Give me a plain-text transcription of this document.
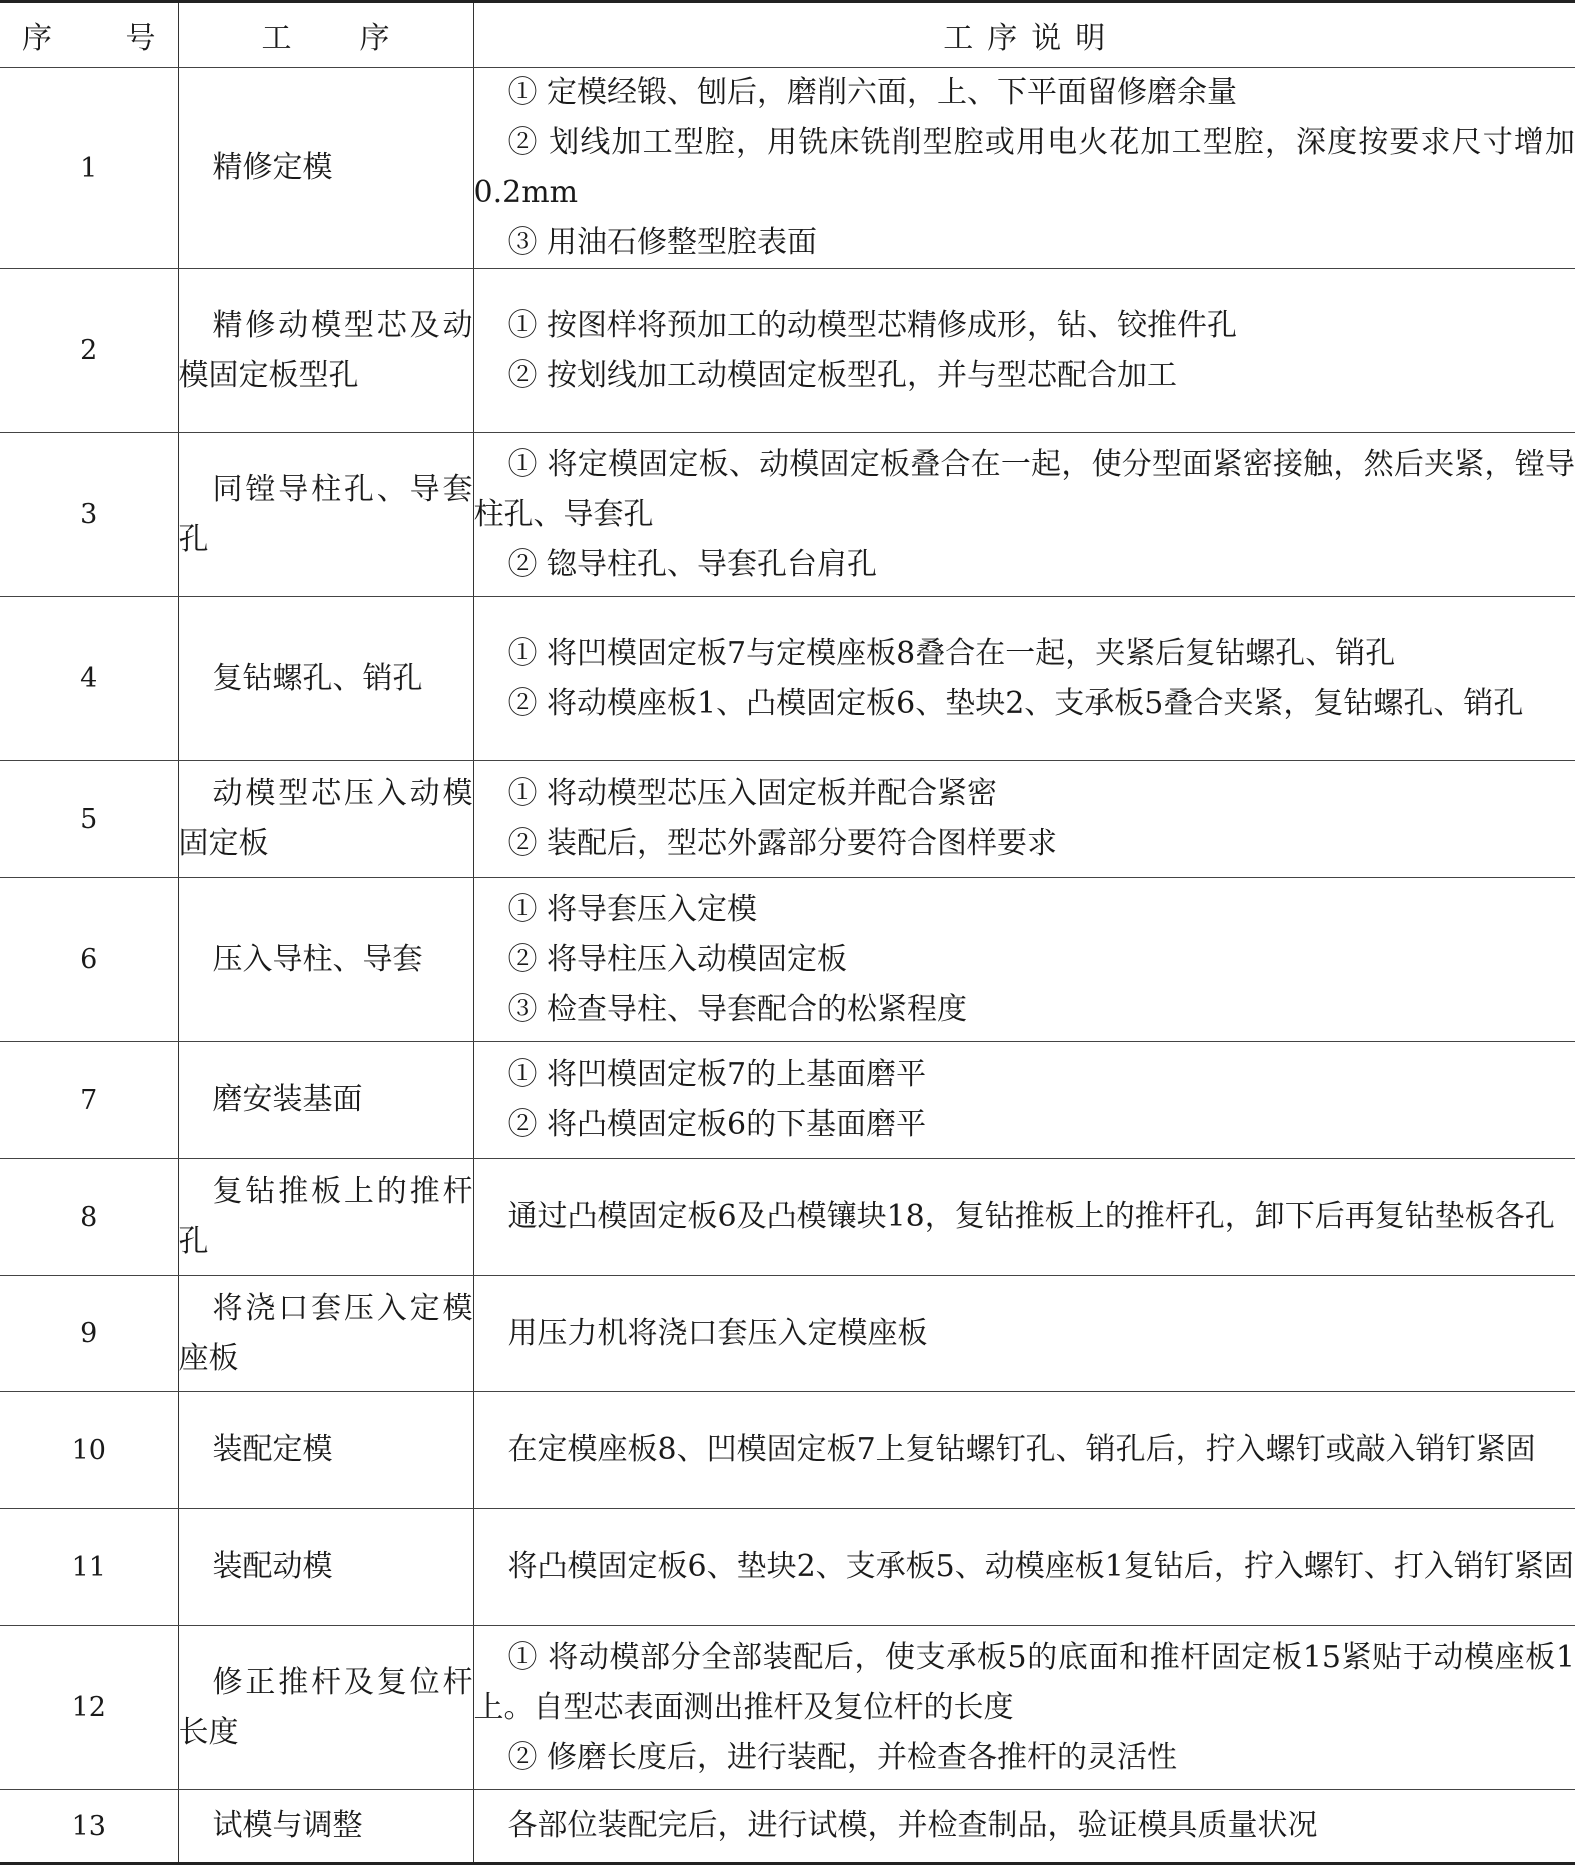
序 号	工 序	工序说明
1	精修定模	① 定模经锻、刨后，磨削六面，上、下平面留修磨余量

② 划线加工型腔，用铣床铣削型腔或用电火花加工型腔，深度按要求尺寸增加0.2mm

③ 用油石修整型腔表面

2	精修动模型芯及动模固定板型孔	① 按图样将预加工的动模型芯精修成形，钻、铰推件孔

② 按划线加工动模固定板型孔，并与型芯配合加工

3	同镗导柱孔、导套孔	① 将定模固定板、动模固定板叠合在一起，使分型面紧密接触，然后夹紧，镗导柱孔、导套孔

② 锪导柱孔、导套孔台肩孔

4	复钻螺孔、销孔	① 将凹模固定板7与定模座板8叠合在一起，夹紧后复钻螺孔、销孔

② 将动模座板1、凸模固定板6、垫块2、支承板5叠合夹紧，复钻螺孔、销孔

5	动模型芯压入动模固定板	① 将动模型芯压入固定板并配合紧密

② 装配后，型芯外露部分要符合图样要求

6	压入导柱、导套	① 将导套压入定模

② 将导柱压入动模固定板

③ 检查导柱、导套配合的松紧程度

7	磨安装基面	① 将凹模固定板7的上基面磨平

② 将凸模固定板6的下基面磨平

8	复钻推板上的推杆孔	通过凸模固定板6及凸模镶块18，复钻推板上的推杆孔，卸下后再复钻垫板各孔

9	将浇口套压入定模座板	用压力机将浇口套压入定模座板

10	装配定模	在定模座板8、凹模固定板7上复钻螺钉孔、销孔后，拧入螺钉或敲入销钉紧固

11	装配动模	将凸模固定板6、垫块2、支承板5、动模座板1复钻后，拧入螺钉、打入销钉紧固

12	修正推杆及复位杆长度	① 将动模部分全部装配后，使支承板5的底面和推杆固定板15紧贴于动模座板1上。自型芯表面测出推杆及复位杆的长度

② 修磨长度后，进行装配，并检查各推杆的灵活性

13	试模与调整	各部位装配完后，进行试模，并检查制品，验证模具质量状况
